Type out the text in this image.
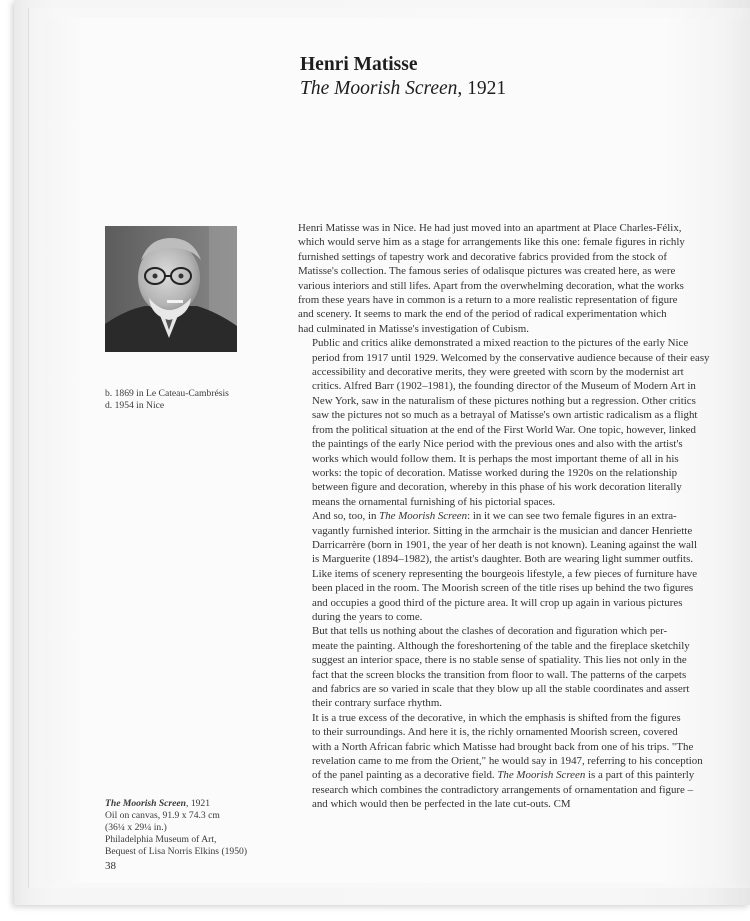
Henri Matisse
The Moorish Screen, 1921
b. 1869 in Le Cateau-Cambrésis
d. 1954 in Nice
The Moorish Screen, 1921
Oil on canvas, 91.9 x 74.3 cm
(36¼ x 29¼ in.)
Philadelphia Museum of Art,
Bequest of Lisa Norris Elkins (1950)
38

Henri Matisse was in Nice. He had just moved into an apartment at Place Charles-Félix,
which would serve him as a stage for arrangements like this one: female figures in richly
furnished settings of tapestry work and decorative fabrics provided from the stock of
Matisse's collection. The famous series of odalisque pictures was created here, as were
various interiors and still lifes. Apart from the overwhelming decoration, what the works
from these years have in common is a return to a more realistic representation of figure
and scenery. It seems to mark the end of the period of radical experimentation which
had culminated in Matisse's investigation of Cubism.

Public and critics alike demonstrated a mixed reaction to the pictures of the early Nice
period from 1917 until 1929. Welcomed by the conservative audience because of their easy
accessibility and decorative merits, they were greeted with scorn by the modernist art
critics. Alfred Barr (1902–1981), the founding director of the Museum of Modern Art in
New York, saw in the naturalism of these pictures nothing but a regression. Other critics
saw the pictures not so much as a betrayal of Matisse's own artistic radicalism as a flight
from the political situation at the end of the First World War. One topic, however, linked
the paintings of the early Nice period with the previous ones and also with the artist's
works which would follow them. It is perhaps the most important theme of all in his
works: the topic of decoration. Matisse worked during the 1920s on the relationship
between figure and decoration, whereby in this phase of his work decoration literally
means the ornamental furnishing of his pictorial spaces.

And so, too, in The Moorish Screen: in it we can see two female figures in an extra-
vagantly furnished interior. Sitting in the armchair is the musician and dancer Henriette
Darricarrère (born in 1901, the year of her death is not known). Leaning against the wall
is Marguerite (1894–1982), the artist's daughter. Both are wearing light summer outfits.
Like items of scenery representing the bourgeois lifestyle, a few pieces of furniture have
been placed in the room. The Moorish screen of the title rises up behind the two figures
and occupies a good third of the picture area. It will crop up again in various pictures
during the years to come.

But that tells us nothing about the clashes of decoration and figuration which per-
meate the painting. Although the foreshortening of the table and the fireplace sketchily
suggest an interior space, there is no stable sense of spatiality. This lies not only in the
fact that the screen blocks the transition from floor to wall. The patterns of the carpets
and fabrics are so varied in scale that they blow up all the stable coordinates and assert
their contrary surface rhythm.

It is a true excess of the decorative, in which the emphasis is shifted from the figures
to their surroundings. And here it is, the richly ornamented Moorish screen, covered
with a North African fabric which Matisse had brought back from one of his trips. "The
revelation came to me from the Orient," he would say in 1947, referring to his conception
of the panel painting as a decorative field. The Moorish Screen is a part of this painterly
research which combines the contradictory arrangements of ornamentation and figure –
and which would then be perfected in the late cut-outs. CM
